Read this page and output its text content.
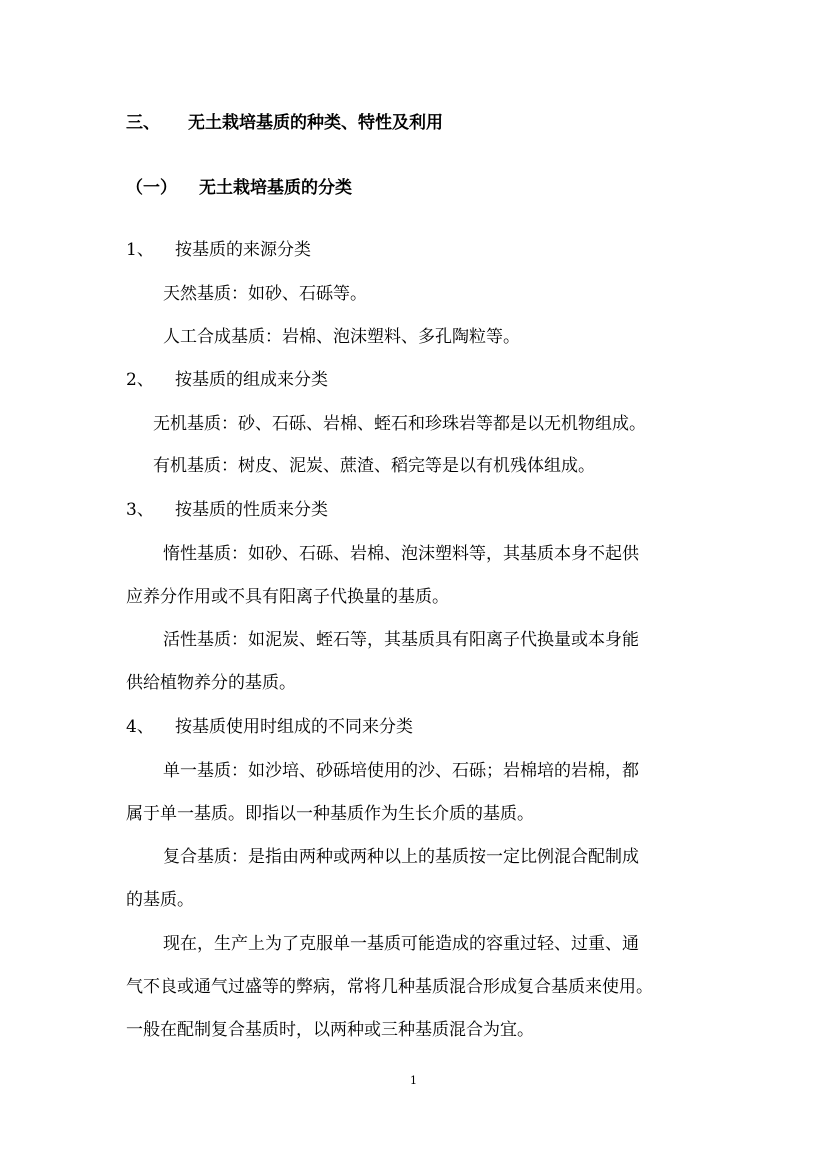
三、 无土栽培基质的种类、特性及利用
（一） 无土栽培基质的分类
1、 按基质的来源分类
天然基质：如砂、石砾等。
人工合成基质：岩棉、泡沫塑料、多孔陶粒等。
2、 按基质的组成来分类
无机基质：砂、石砾、岩棉、蛭石和珍珠岩等都是以无机物组成。
有机基质：树皮、泥炭、蔗渣、稻完等是以有机残体组成。
3、 按基质的性质来分类
惰性基质：如砂、石砾、岩棉、泡沫塑料等，其基质本身不起供
应养分作用或不具有阳离子代换量的基质。
活性基质：如泥炭、蛭石等，其基质具有阳离子代换量或本身能
供给植物养分的基质。
4、 按基质使用时组成的不同来分类
单一基质：如沙培、砂砾培使用的沙、石砾；岩棉培的岩棉，都
属于单一基质。即指以一种基质作为生长介质的基质。
复合基质：是指由两种或两种以上的基质按一定比例混合配制成
的基质。
现在，生产上为了克服单一基质可能造成的容重过轻、过重、通
气不良或通气过盛等的弊病，常将几种基质混合形成复合基质来使用。
一般在配制复合基质时，以两种或三种基质混合为宜。
1
